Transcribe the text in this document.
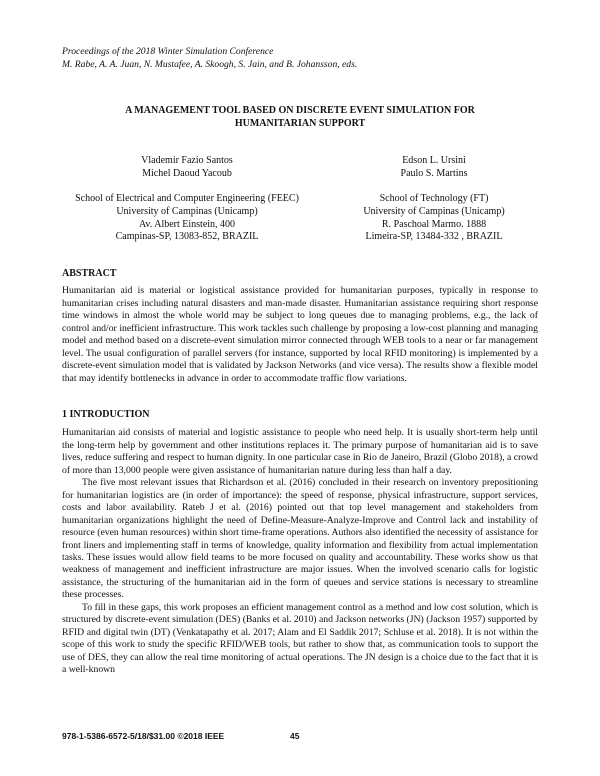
Proceedings of the 2018 Winter Simulation Conference
M. Rabe, A. A. Juan, N. Mustafee, A. Skoogh, S. Jain, and B. Johansson, eds.
A MANAGEMENT TOOL BASED ON DISCRETE EVENT SIMULATION FOR
HUMANITARIAN SUPPORT
Vlademir Fazio Santos
Michel Daoud Yacoub
Edson L. Ursini
Paulo S. Martins
School of Electrical and Computer Engineering (FEEC)
University of Campinas (Unicamp)
Av. Albert Einstein, 400
Campinas-SP, 13083-852, BRAZIL
School of Technology (FT)
University of Campinas (Unicamp)
R. Paschoal Marmo. 1888
Limeira-SP, 13484-332 , BRAZIL
ABSTRACT

Humanitarian aid is material or logistical assistance provided for humanitarian purposes, typically in response to humanitarian crises including natural disasters and man-made disaster. Humanitarian assistance requiring short response time windows in almost the whole world may be subject to long queues due to managing problems, e.g., the lack of control and/or inefficient infrastructure. This work tackles such challenge by proposing a low-cost planning and managing model and method based on a discrete-event simulation mirror connected through WEB tools to a near or far management level. The usual configuration of parallel servers (for instance, supported by local RFID monitoring) is implemented by a discrete-event simulation model that is validated by Jackson Networks (and vice versa). The results show a flexible model that may identify bottlenecks in advance in order to accommodate traffic flow variations.

1 INTRODUCTION

Humanitarian aid consists of material and logistic assistance to people who need help. It is usually short-term help until the long-term help by government and other institutions replaces it. The primary purpose of humanitarian aid is to save lives, reduce suffering and respect to human dignity. In one particular case in Rio de Janeiro, Brazil (Globo 2018), a crowd of more than 13,000 people were given assistance of humanitarian nature during less than half a day.

The five most relevant issues that Richardson et al. (2016) concluded in their research on inventory prepositioning for humanitarian logistics are (in order of importance): the speed of response, physical infrastructure, support services, costs and labor availability. Rateb J et al. (2016) pointed out that top level management and stakeholders from humanitarian organizations highlight the need of Define-Measure-Analyze-Improve and Control lack and instability of resource (even human resources) within short time-frame operations. Authors also identified the necessity of assistance for front liners and implementing staff in terms of knowledge, quality information and flexibility from actual implementation tasks. These issues would allow field teams to be more focused on quality and accountability. These works show us that weakness of management and inefficient infrastructure are major issues. When the involved scenario calls for logistic assistance, the structuring of the humanitarian aid in the form of queues and service stations is necessary to streamline these processes.

To fill in these gaps, this work proposes an efficient management control as a method and low cost solution, which is structured by discrete-event simulation (DES) (Banks et al. 2010) and Jackson networks (JN) (Jackson 1957) supported by RFID and digital twin (DT) (Venkatapathy et al. 2017; Alam and El Saddik 2017; Schluse et al. 2018). It is not within the scope of this work to study the specific RFID/WEB tools, but rather to show that, as communication tools to support the use of DES, they can allow the real time monitoring of actual operations. The JN design is a choice due to the fact that it is a well-known

978-1-5386-6572-5/18/$31.00 ©2018 IEEE	45
